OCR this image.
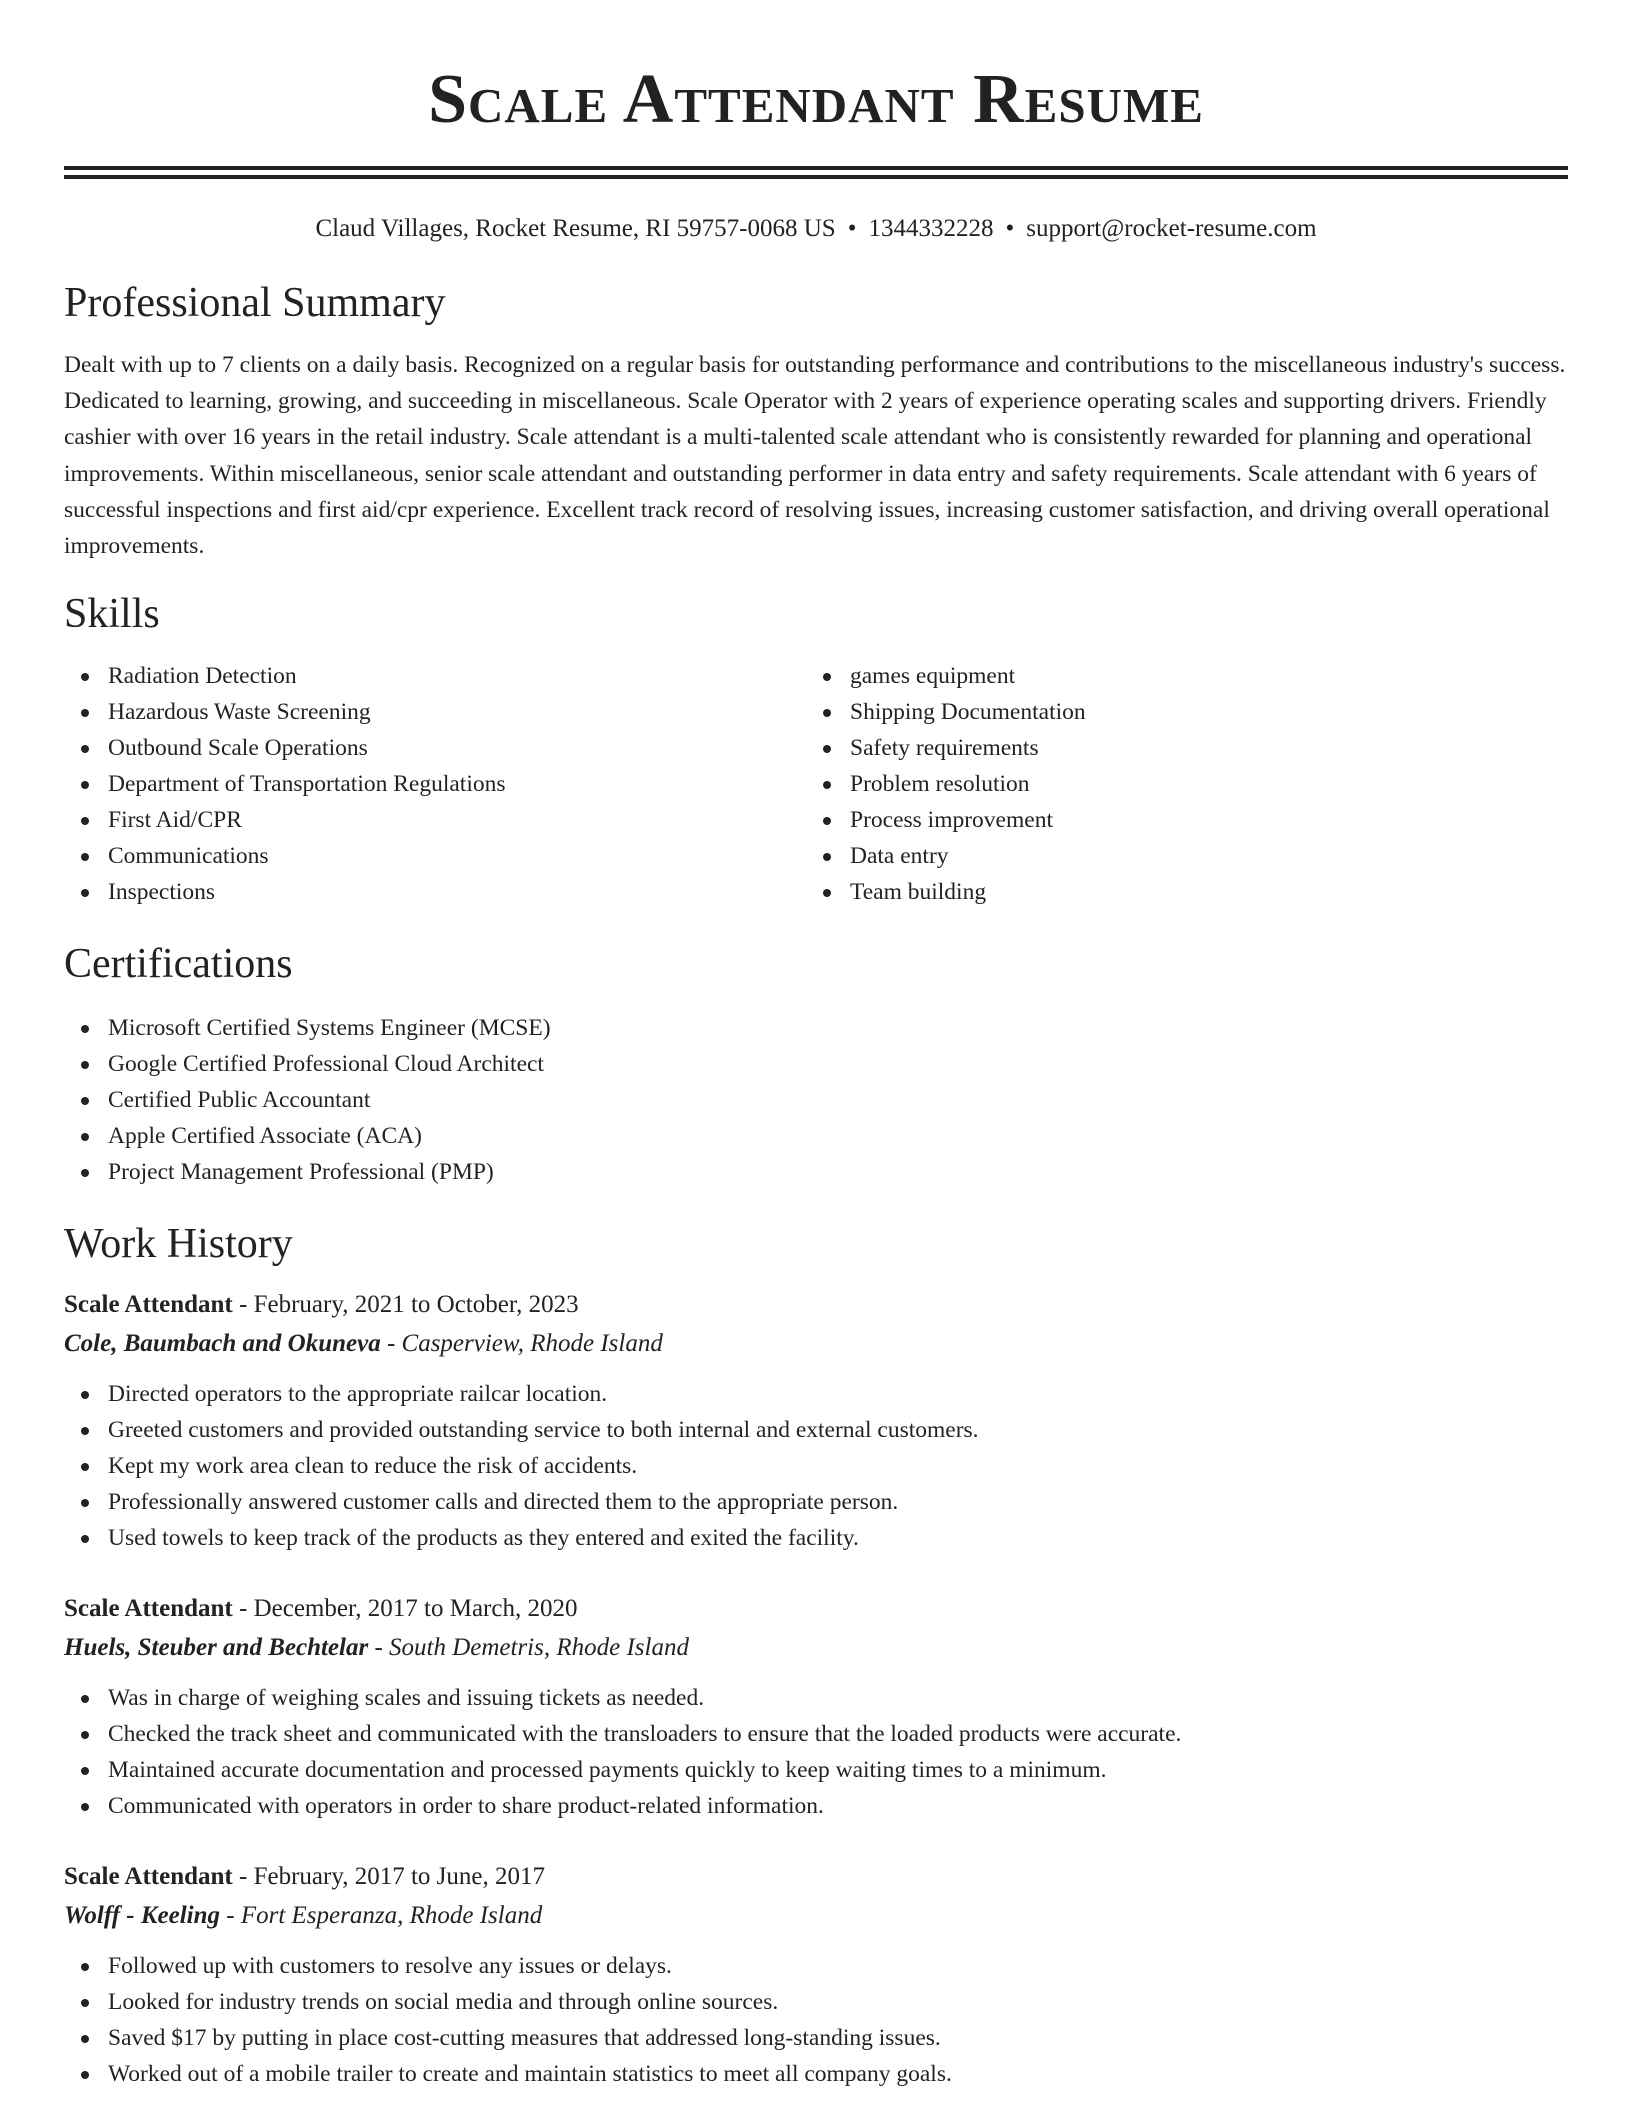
Scale Attendant Resume
Claud Villages, Rocket Resume, RI 59757-0068 US • 1344332228 • support@rocket-resume.com
Professional Summary

Dealt with up to 7 clients on a daily basis. Recognized on a regular basis for outstanding performance and contributions to the miscellaneous industry's success. Dedicated to learning, growing, and succeeding in miscellaneous. Scale Operator with 2 years of experience operating scales and supporting drivers. Friendly cashier with over 16 years in the retail industry. Scale attendant is a multi-talented scale attendant who is consistently rewarded for planning and operational improvements. Within miscellaneous, senior scale attendant and outstanding performer in data entry and safety requirements. Scale attendant with 6 years of successful inspections and first aid/cpr experience. Excellent track record of resolving issues, increasing customer satisfaction, and driving overall operational improvements.

Skills
Radiation Detection
Hazardous Waste Screening
Outbound Scale Operations
Department of Transportation Regulations
First Aid/CPR
Communications
Inspections
games equipment
Shipping Documentation
Safety requirements
Problem resolution
Process improvement
Data entry
Team building
Certifications
Microsoft Certified Systems Engineer (MCSE)
Google Certified Professional Cloud Architect
Certified Public Accountant
Apple Certified Associate (ACA)
Project Management Professional (PMP)
Work History
Scale Attendant - February, 2021 to October, 2023
Cole, Baumbach and Okuneva - Casperview, Rhode Island
Directed operators to the appropriate railcar location.
Greeted customers and provided outstanding service to both internal and external customers.
Kept my work area clean to reduce the risk of accidents.
Professionally answered customer calls and directed them to the appropriate person.
Used towels to keep track of the products as they entered and exited the facility.
Scale Attendant - December, 2017 to March, 2020
Huels, Steuber and Bechtelar - South Demetris, Rhode Island
Was in charge of weighing scales and issuing tickets as needed.
Checked the track sheet and communicated with the transloaders to ensure that the loaded products were accurate.
Maintained accurate documentation and processed payments quickly to keep waiting times to a minimum.
Communicated with operators in order to share product-related information.
Scale Attendant - February, 2017 to June, 2017
Wolff - Keeling - Fort Esperanza, Rhode Island
Followed up with customers to resolve any issues or delays.
Looked for industry trends on social media and through online sources.
Saved $17 by putting in place cost-cutting measures that addressed long-standing issues.
Worked out of a mobile trailer to create and maintain statistics to meet all company goals.
